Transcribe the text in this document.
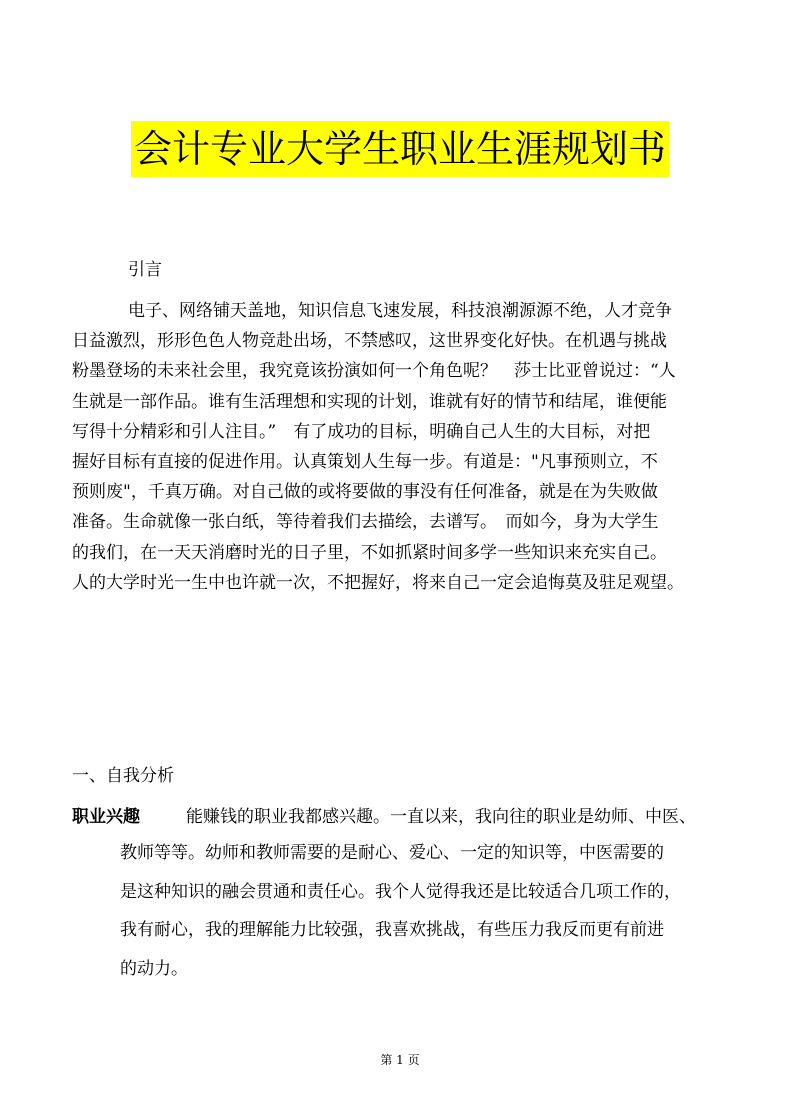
会计专业大学生职业生涯规划书
引言
电子、网络铺天盖地，知识信息飞速发展，科技浪潮源源不绝，人才竞争
日益激烈，形形色色人物竞赴出场，不禁感叹，这世界变化好快。在机遇与挑战
粉墨登场的未来社会里，我究竟该扮演如何一个角色呢？　莎士比亚曾说过：“人
生就是一部作品。谁有生活理想和实现的计划，谁就有好的情节和结尾，谁便能
写得十分精彩和引人注目。”　有了成功的目标，明确自己人生的大目标，对把
握好目标有直接的促进作用。认真策划人生每一步。有道是："凡事预则立，不
预则废"，千真万确。对自己做的或将要做的事没有任何准备，就是在为失败做
准备。生命就像一张白纸，等待着我们去描绘，去谱写。　而如今，身为大学生
的我们，在一天天消磨时光的日子里，不如抓紧时间多学一些知识来充实自己。
人的大学时光一生中也许就一次，不把握好，将来自己一定会追悔莫及驻足观望。
一、自我分析
职业兴趣	能赚钱的职业我都感兴趣。一直以来，我向往的职业是幼师、中医、
教师等等。幼师和教师需要的是耐心、爱心、一定的知识等，中医需要的
是这种知识的融会贯通和责任心。我个人觉得我还是比较适合几项工作的，
我有耐心，我的理解能力比较强，我喜欢挑战，有些压力我反而更有前进
的动力。
第 1 页
